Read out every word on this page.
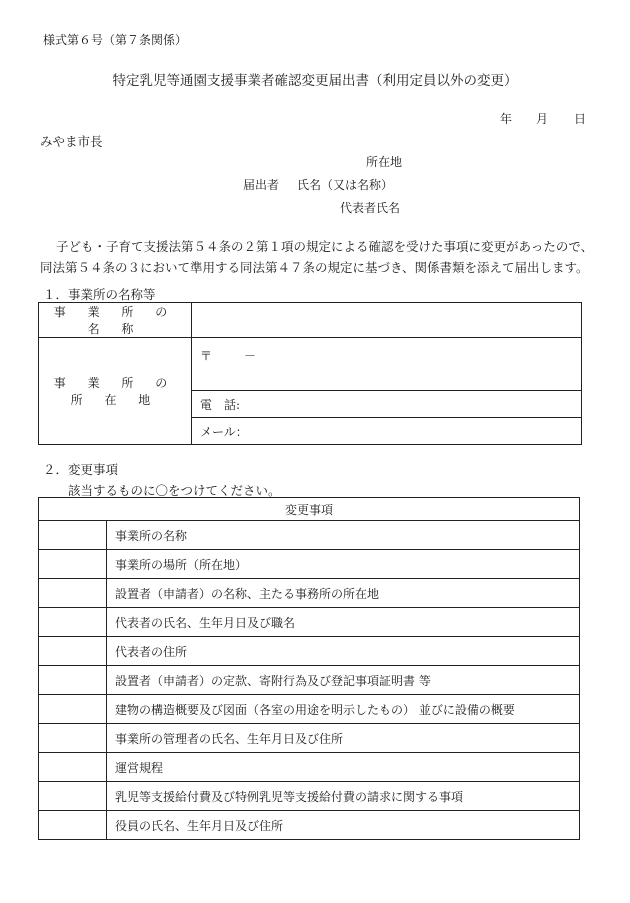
様式第６号（第７条関係）
特定乳児等通園支援事業者確認変更届出書（利用定員以外の変更）
年 月 日
みやま市長
所在地
届出者 氏名（又は名称）
代表者氏名
子ども・子育て支援法第５４条の２第１項の規定による確認を受けた事項に変更があったので、
同法第５４条の３において準用する同法第４７条の規定に基づき、関係書類を添えて届出します。
１．事業所の名称等
事 業 所 の 名 称	
事 業 所 の 所 在 地	〒 －
	電　話:
	メール：
２．変更事項
該当するものに〇をつけてください。
変更事項	
	事業所の名称
	事業所の場所（所在地）
	設置者（申請者）の名称、主たる事務所の所在地
	代表者の氏名、生年月日及び職名
	代表者の住所
	設置者（申請者）の定款、寄附行為及び登記事項証明書 等
	建物の構造概要及び図面（各室の用途を明示したもの） 並びに設備の概要
	事業所の管理者の氏名、生年月日及び住所
	運営規程
	乳児等支援給付費及び特例乳児等支援給付費の請求に関する事項
	役員の氏名、生年月日及び住所
